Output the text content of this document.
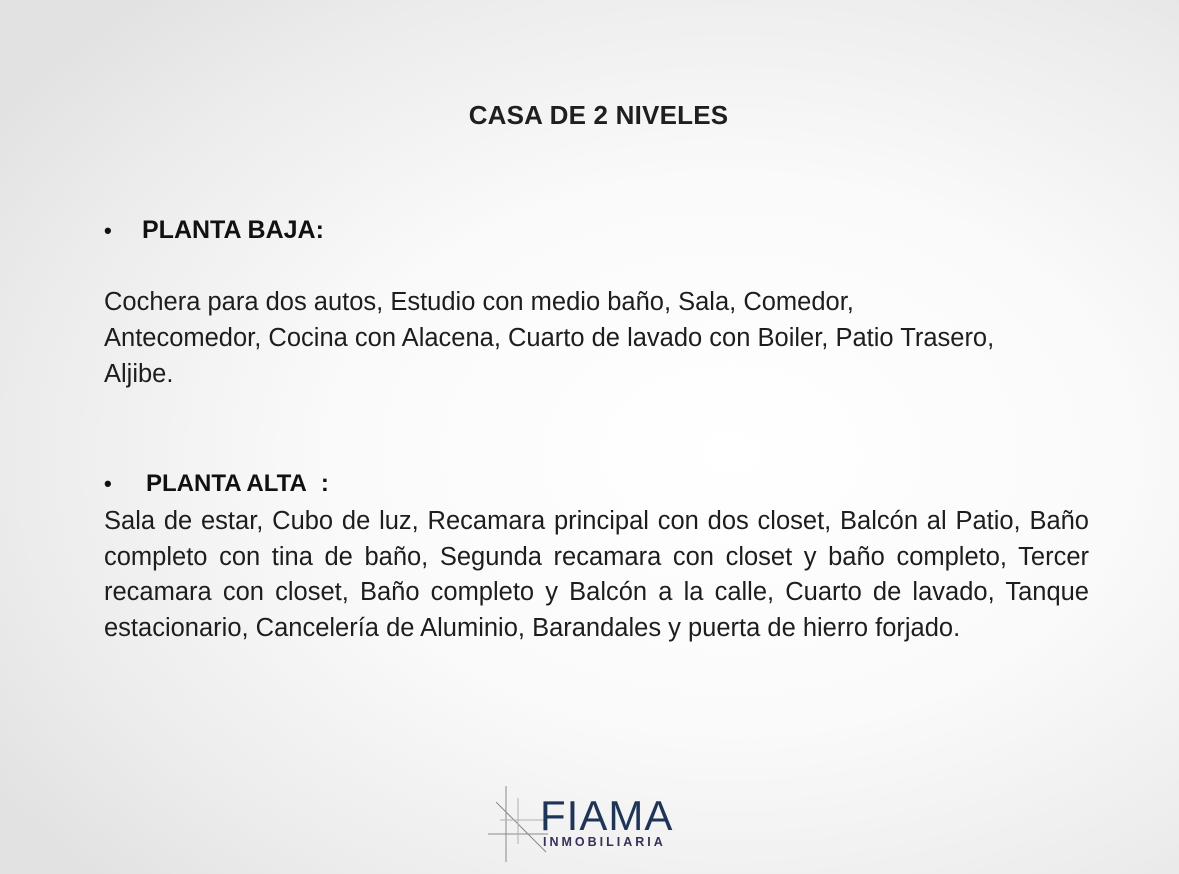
CASA DE 2 NIVELES
•	PLANTA BAJA:
Cochera para dos autos, Estudio con medio baño, Sala, Comedor, Antecomedor, Cocina con Alacena, Cuarto de lavado con Boiler, Patio Trasero, Aljibe.
•	PLANTA ALTA :
Sala de estar, Cubo de luz, Recamara principal con dos closet, Balcón al Patio, Baño completo con tina de baño, Segunda recamara con closet y baño completo, Tercer recamara con closet, Baño completo y Balcón a la calle, Cuarto de lavado, Tanque estacionario, Cancelería de Aluminio, Barandales y puerta de hierro forjado.
FIAMA
INMOBILIARIA
